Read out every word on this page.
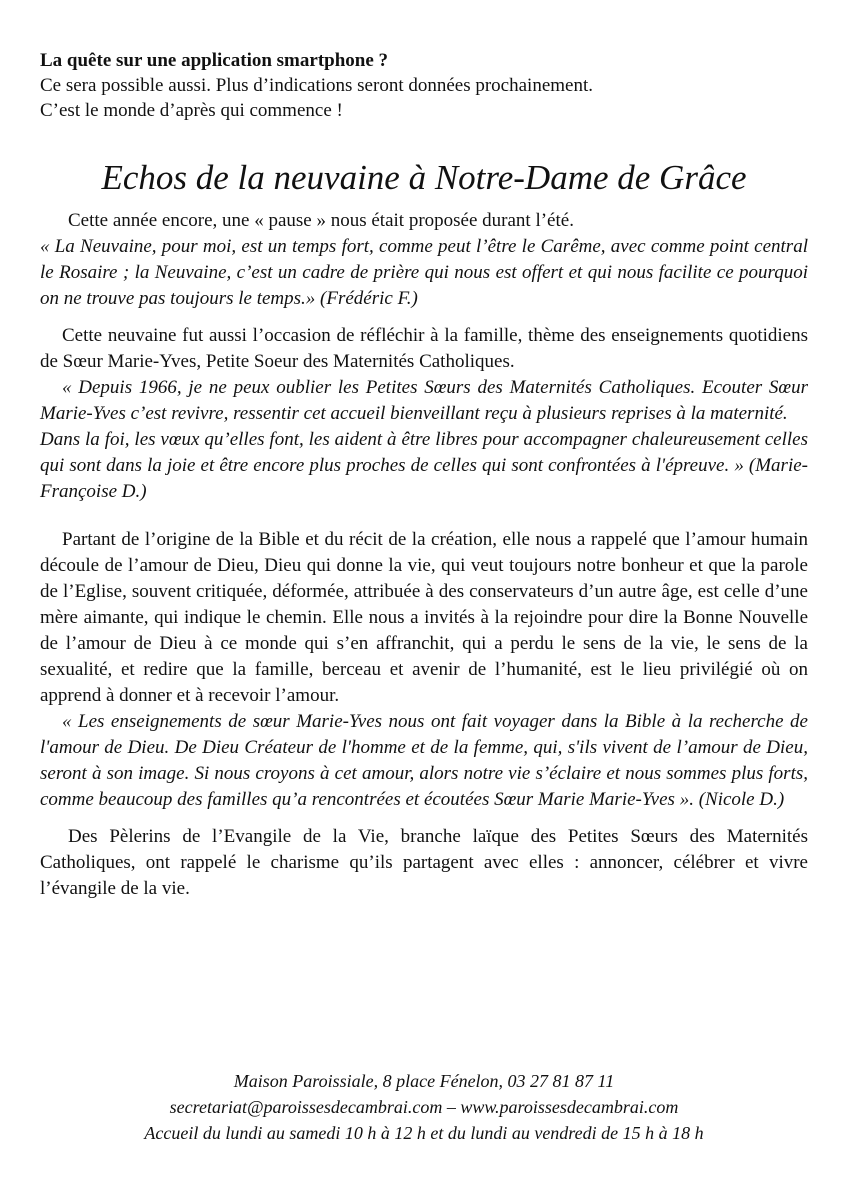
La quête sur une application smartphone ?
Ce sera possible aussi. Plus d’indications seront données prochainement.
C’est le monde d’après qui commence !
Echos de la neuvaine à Notre-Dame de Grâce

Cette année encore, une « pause » nous était proposée durant l’été.
« La Neuvaine, pour moi, est un temps fort, comme peut l’être le Carême, avec comme point central le Rosaire ; la Neuvaine, c’est un cadre de prière qui nous est offert et qui nous facilite ce pourquoi on ne trouve pas toujours le temps.» (Frédéric F.)

Cette neuvaine fut aussi l’occasion de réfléchir à la famille, thème des enseignements quotidiens de Sœur Marie-Yves, Petite Soeur des Maternités Catholiques.
« Depuis 1966, je ne peux oublier les Petites Sœurs des Maternités Catholiques. Ecouter Sœur Marie-Yves c’est revivre, ressentir cet accueil bienveillant reçu à plusieurs reprises à la maternité.
Dans la foi, les vœux qu’elles font, les aident à être libres pour accompagner chaleureusement celles qui sont dans la joie et être encore plus proches de celles qui sont confrontées à l'épreuve. » (Marie-Françoise D.)

Partant de l’origine de la Bible et du récit de la création, elle nous a rappelé que l’amour humain découle de l’amour de Dieu, Dieu qui donne la vie, qui veut toujours notre bonheur et que la parole de l’Eglise, souvent critiquée, déformée, attribuée à des conservateurs d’un autre âge, est celle d’une mère aimante, qui indique le chemin. Elle nous a invités à la rejoindre pour dire la Bonne Nouvelle de l’amour de Dieu à ce monde qui s’en affranchit, qui a perdu le sens de la vie, le sens de la sexualité, et redire que la famille, berceau et avenir de l’humanité, est le lieu privilégié où on apprend à donner et à recevoir l’amour.
« Les enseignements de sœur Marie-Yves nous ont fait voyager dans la Bible à la recherche de l'amour de Dieu. De Dieu Créateur de l'homme et de la femme, qui, s'ils vivent de l’amour de Dieu, seront à son image. Si nous croyons à cet amour, alors notre vie s’éclaire et nous sommes plus forts, comme beaucoup des familles qu’a rencontrées et écoutées Sœur Marie Marie-Yves ». (Nicole D.)

Des Pèlerins de l’Evangile de la Vie, branche laïque des Petites Sœurs des Maternités Catholiques, ont rappelé le charisme qu’ils partagent avec elles : annoncer, célébrer et vivre l’évangile de la vie.

Maison Paroissiale, 8 place Fénelon, 03 27 81 87 11
secretariat@paroissesdecambrai.com – www.paroissesdecambrai.com
Accueil du lundi au samedi 10 h à 12 h et du lundi au vendredi de 15 h à 18 h
